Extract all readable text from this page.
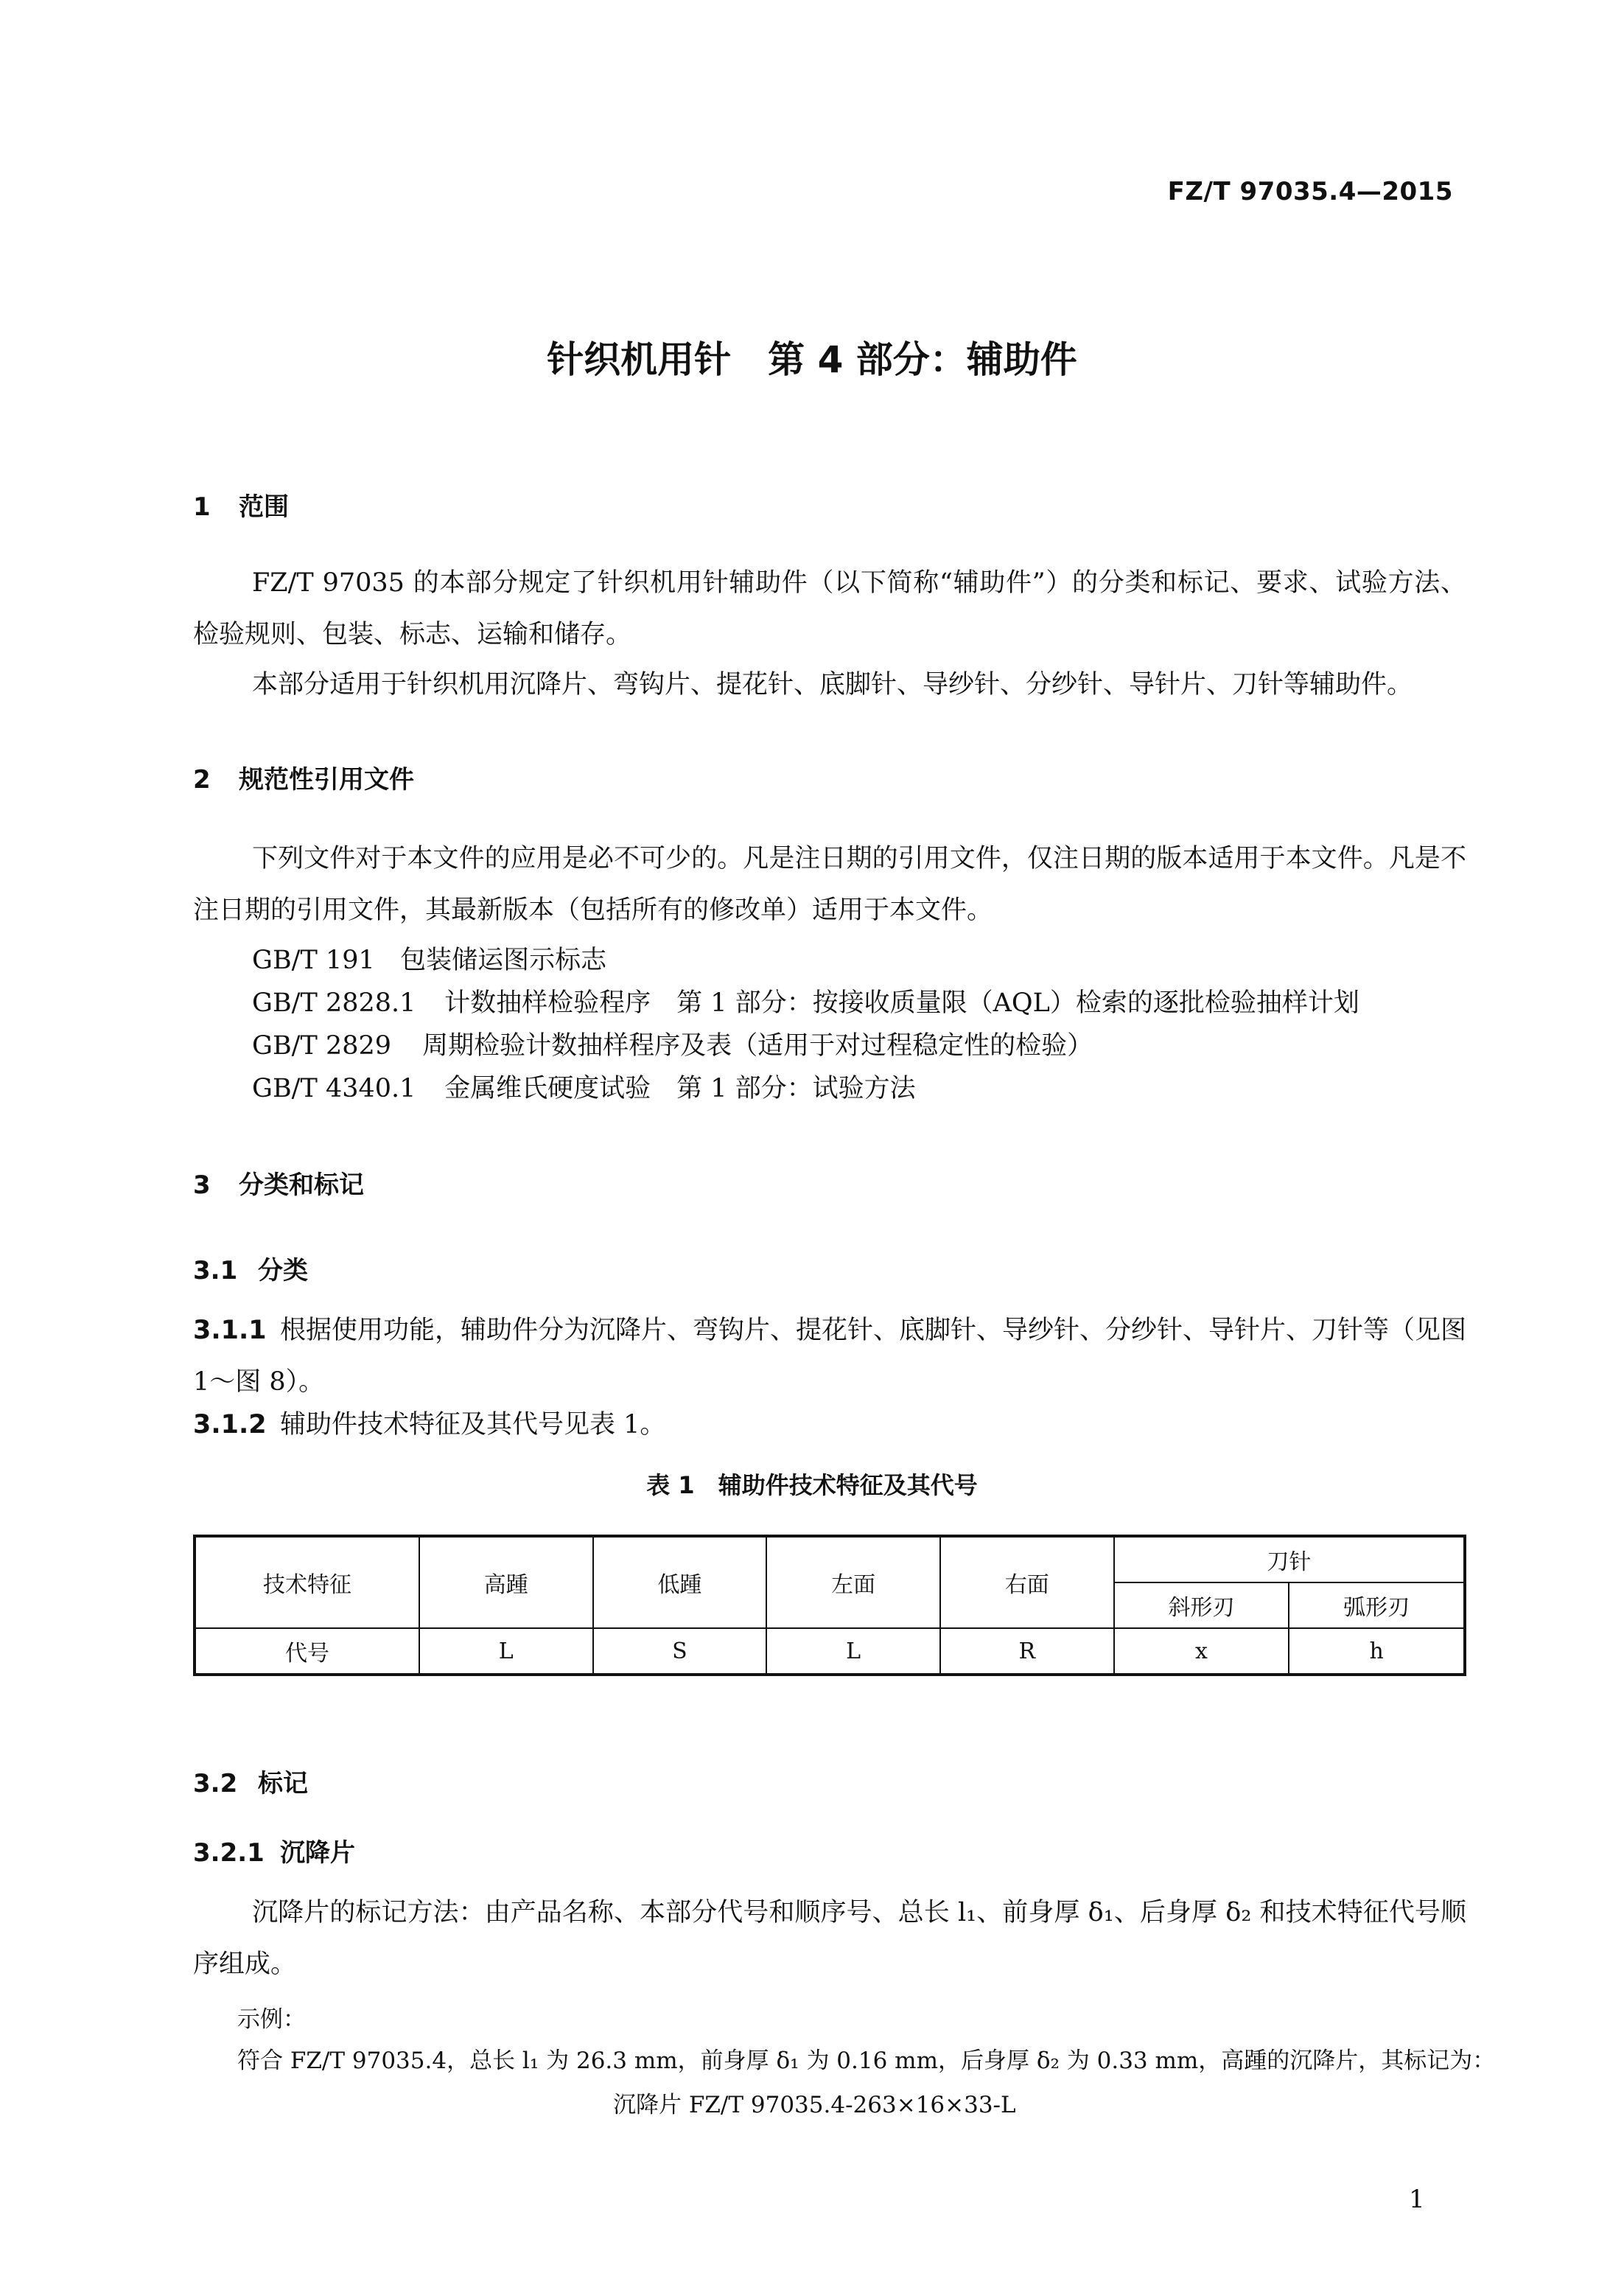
FZ/T 97035.4—2015
针织机用针　第 4 部分：辅助件
1 范围
FZ/T 97035 的本部分规定了针织机用针辅助件（以下简称“辅助件”）的分类和标记、要求、试验方法、检验规则、包装、标志、运输和储存。
本部分适用于针织机用沉降片、弯钩片、提花针、底脚针、导纱针、分纱针、导针片、刀针等辅助件。
2 规范性引用文件
下列文件对于本文件的应用是必不可少的。凡是注日期的引用文件，仅注日期的版本适用于本文件。凡是不注日期的引用文件，其最新版本（包括所有的修改单）适用于本文件。
GB/T 191 包装储运图示标志
GB/T 2828.1 计数抽样检验程序　第 1 部分：按接收质量限（AQL）检索的逐批检验抽样计划
GB/T 2829 周期检验计数抽样程序及表（适用于对过程稳定性的检验）
GB/T 4340.1 金属维氏硬度试验　第 1 部分：试验方法
3 分类和标记
3.1 分类
3.1.1 根据使用功能，辅助件分为沉降片、弯钩片、提花针、底脚针、导纱针、分纱针、导针片、刀针等（见图 1～图 8）。
3.1.2 辅助件技术特征及其代号见表 1。
表 1　辅助件技术特征及其代号
技术特征	高踵	低踵	左面	右面	刀针	
					斜形刃	弧形刃
代号	L	S	L	R	x	h
3.2 标记
3.2.1 沉降片
沉降片的标记方法：由产品名称、本部分代号和顺序号、总长 l₁、前身厚 δ₁、后身厚 δ₂ 和技术特征代号顺序组成。
示例：
符合 FZ/T 97035.4，总长 l₁ 为 26.3 mm，前身厚 δ₁ 为 0.16 mm，后身厚 δ₂ 为 0.33 mm，高踵的沉降片，其标记为：
沉降片 FZ/T 97035.4-263×16×33-L
1
